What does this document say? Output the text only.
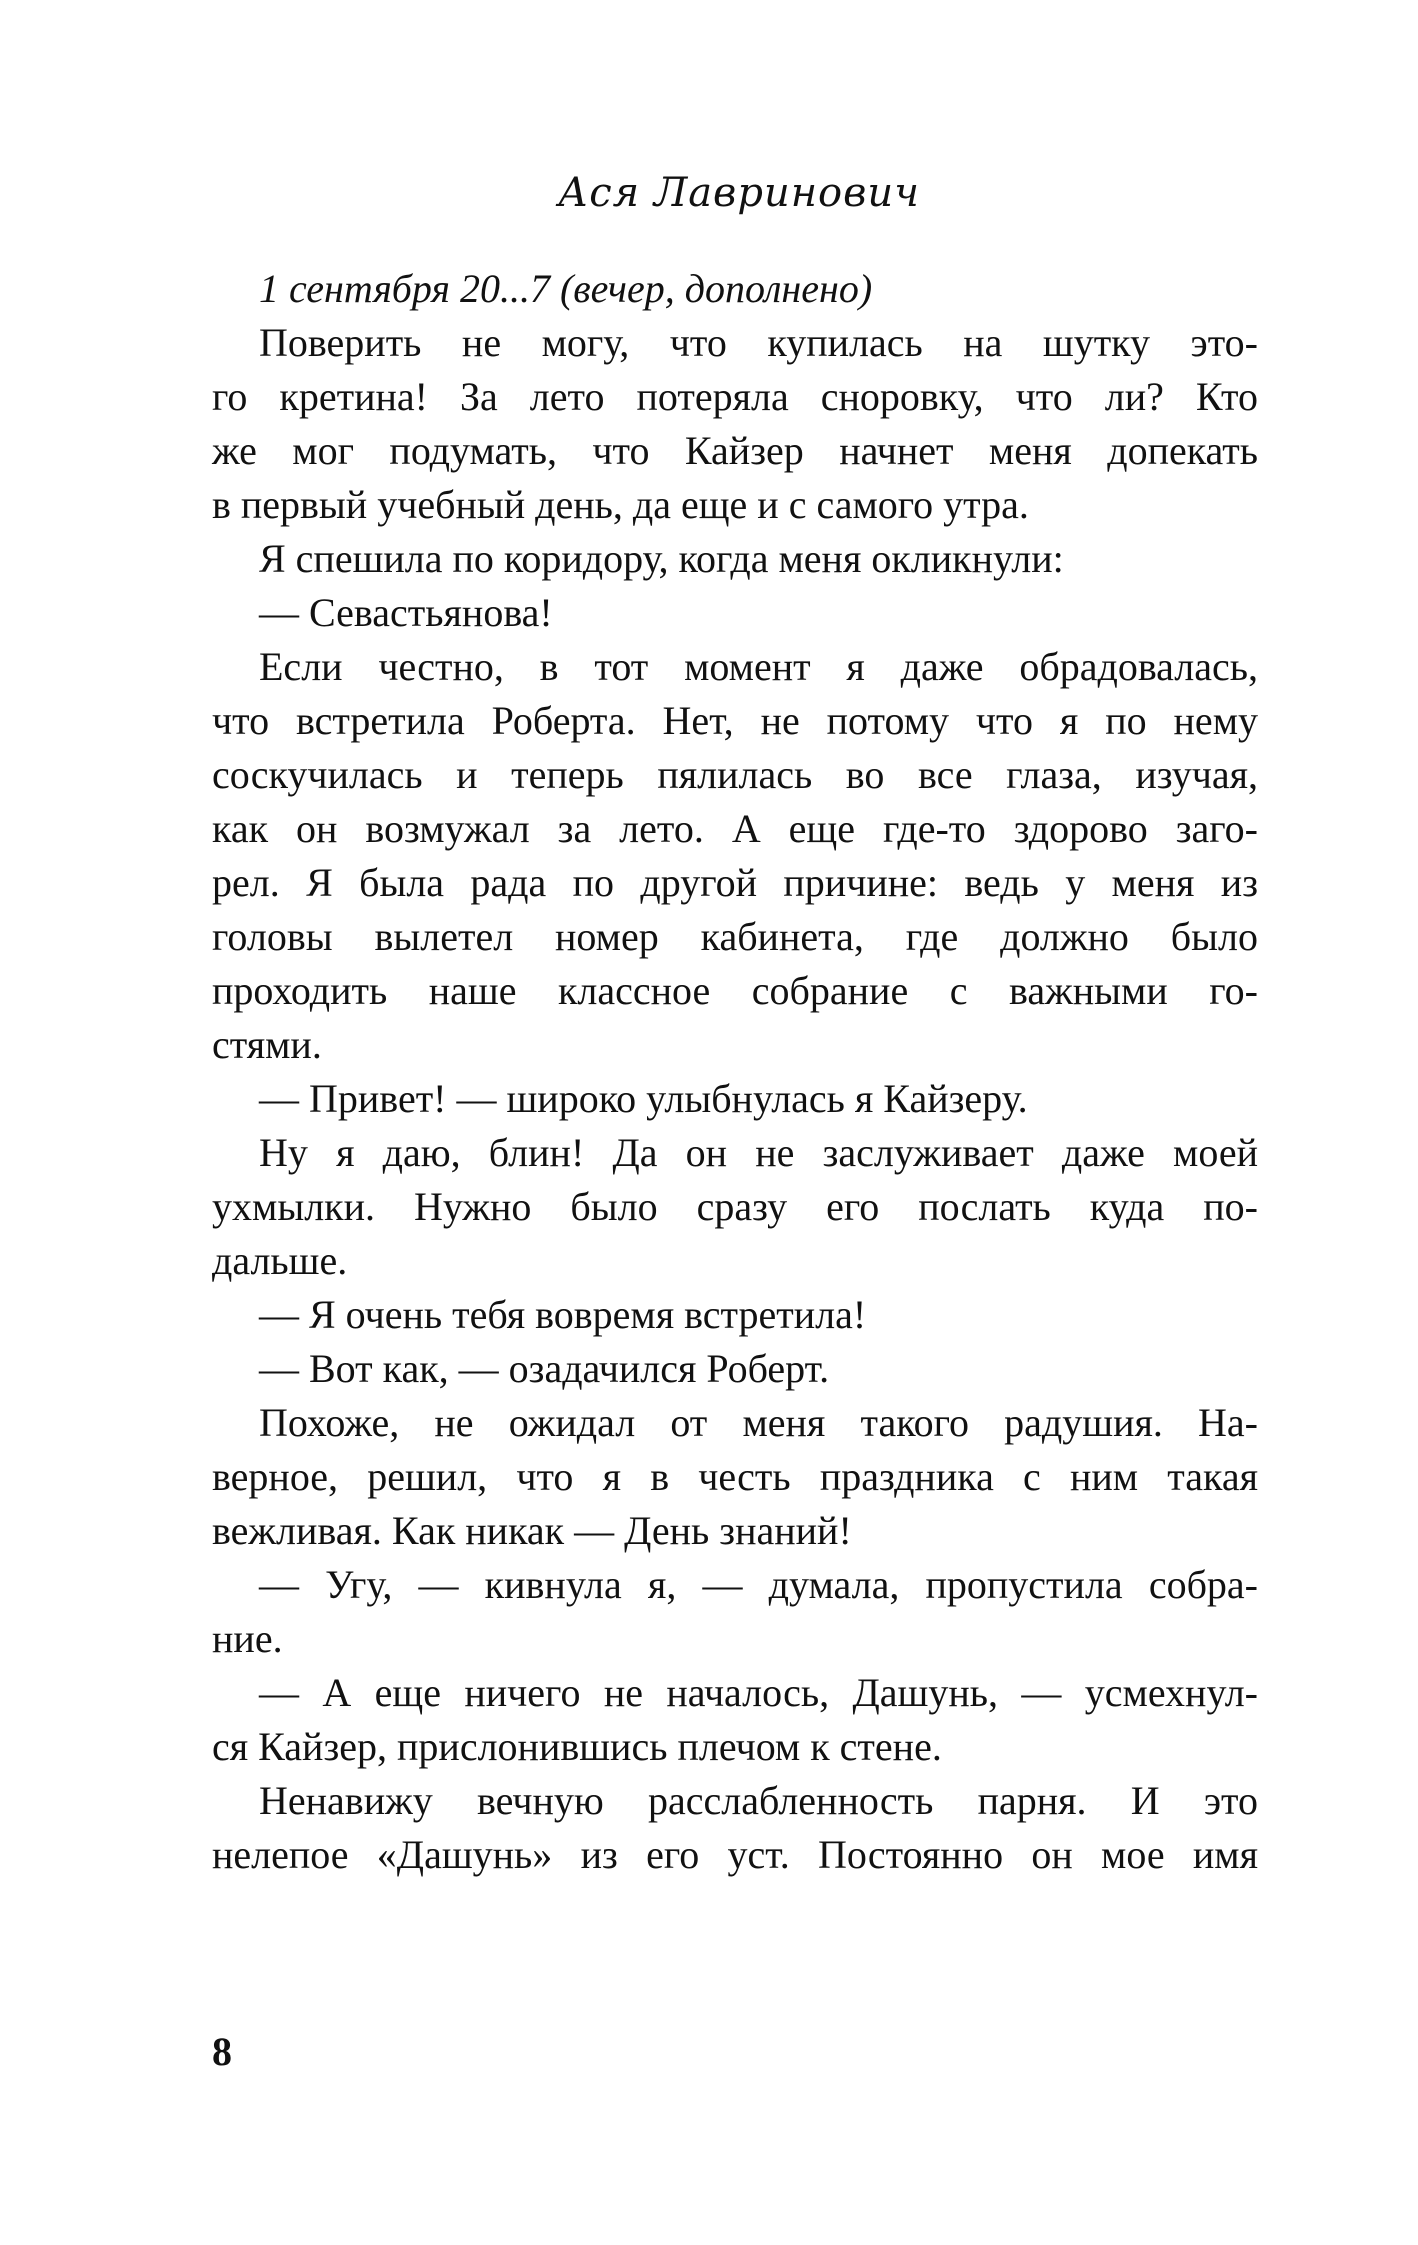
Ася Лавринович
1 сентября 20...7 (вечер, дополнено)
Поверить не могу, что купилась на шутку это-
го кретина! За лето потеряла сноровку, что ли? Кто
же мог подумать, что Кайзер начнет меня допекать
в первый учебный день, да еще и с самого утра.
Я спешила по коридору, когда меня окликнули:
— Севастьянова!
Если честно, в тот момент я даже обрадовалась,
что встретила Роберта. Нет, не потому что я по нему
соскучилась и теперь пялилась во все глаза, изучая,
как он возмужал за лето. А еще где-то здорово заго-
рел. Я была рада по другой причине: ведь у меня из
головы вылетел номер кабинета, где должно было
проходить наше классное собрание с важными го-
стями.
— Привет! — широко улыбнулась я Кайзеру.
Ну я даю, блин! Да он не заслуживает даже моей
ухмылки. Нужно было сразу его послать куда по-
дальше.
— Я очень тебя вовремя встретила!
— Вот как, — озадачился Роберт.
Похоже, не ожидал от меня такого радушия. На-
верное, решил, что я в честь праздника с ним такая
вежливая. Как никак — День знаний!
— Угу, — кивнула я, — думала, пропустила собра-
ние.
— А еще ничего не началось, Дашунь, — усмехнул-
ся Кайзер, прислонившись плечом к стене.
Ненавижу вечную расслабленность парня. И это
нелепое «Дашунь» из его уст. Постоянно он мое имя
8
